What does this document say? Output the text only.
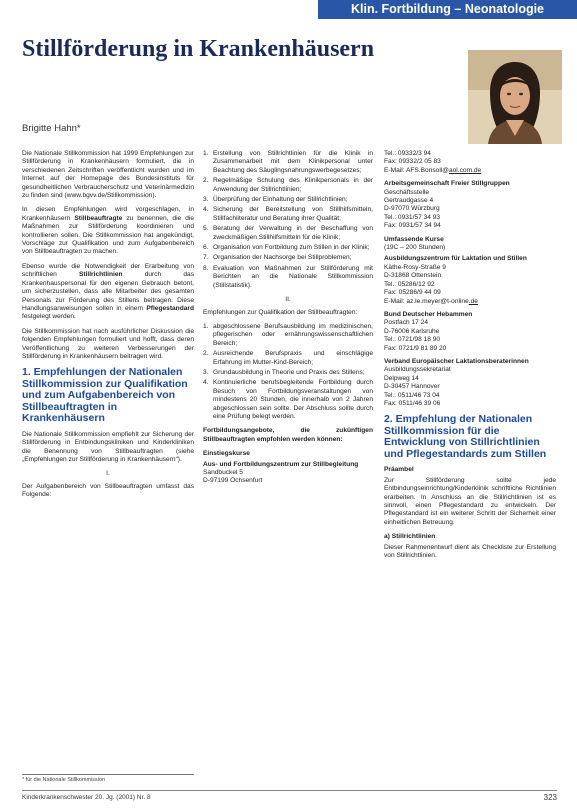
Klin. Fortbildung – Neonatologie
Stillförderung in Krankenhäusern
Brigitte Hahn*

Die Nationale Stillkommission hat 1999 Empfehlungen zur Stillförderung in Krankenhäusern formuliert, die in verschiedenen Zeitschriften veröffentlicht wurden und im Internet auf der Homepage des Bundesinstituts für gesundheitlichen Verbraucherschutz und Veterinärmedizin zu finden sind (www.bgvv.de/Stillkommission).

In diesen Empfehlungen wird vorgeschlagen, in Krankenhäusern Stillbeauftragte zu benennen, die die Maßnahmen zur Stillförderung koordinieren und kontrollieren sollen. Die Stillkommission hat angekündigt, Vorschläge zur Qualifikation und zum Aufgabenbereich von Stillbeauftragten zu machen.

Ebenso wurde die Notwendigkeit der Erarbeitung von schriftlichen Stillrichtlinien durch das Krankenhauspersonal für den eigenen Gebrauch betont, um sicherzustellen, dass alle Mitarbeiter des gesamten Personals zur Förderung des Stillens beitragen. Diese Handlungsanweisungen sollen in einem Pflegestandard festgelegt werden.

Die Stillkommission hat nach ausführlicher Diskussion die folgenden Empfehlungen formuliert und hofft, dass deren Veröffentlichung zu weiteren Verbesserungen der Stillförderung in Krankenhäusern beitragen wird.

1. Empfehlungen der Nationalen Stillkommission zur Qualifikation und zum Aufgabenbereich von Stillbeauftragten in Krankenhäusern

Die Nationale Stillkommission empfiehlt zur Sicherung der Stillförderung in Entbindungskliniken und Kinderkliniken die Benennung von Stillbeauftragten (siehe „Empfehlungen zur Stillförderung in Krankenhäusern“).

I.

Der Aufgabenbereich von Stillbeauftragten umfasst das Folgende:

1. Erstellung von Stillrichtlinien für die Klinik in Zusammenarbeit mit dem Klinikpersonal unter Beachtung des Säuglingsnahrungswerbegesetzes;
2. Regelmäßige Schulung des Klinikpersonals in der Anwendung der Stillrichtlinien;
3. Überprüfung der Einhaltung der Stillrichtlinien;
4. Sicherung der Bereitstellung von Stillhilfsmitteln, Stillfachliteratur und Beratung ihrer Qualität;
5. Beratung der Verwaltung in der Beschaffung von zweckmäßigen Stillhilfsmitteln für die Klinik;
6. Organisation von Fortbildung zum Stillen in der Klinik;
7. Organisation der Nachsorge bei Stillproblemen;
8. Evaluation von Maßnahmen zur Stillförderung mit Berichten an die Nationale Stillkommission (Stillstatistik).
II.

Empfehlungen zur Qualifikation der Stillbeauftragten:

1. abgeschlossene Berufsausbildung im medizinischen, pflegerischen oder ernährungswissenschaftlichen Bereich;
2. Ausreichende Berufspraxis und einschlägige Erfahrung im Mutter-Kind-Bereich;
3. Grundausbildung in Theorie und Praxis des Stillens;
4. Kontinuierliche berufsbegleitende Fortbildung durch Besuch von Fortbildungsveranstaltungen von mindestens 20 Stunden, die innerhalb von 2 Jahren abgeschlossen sein sollte. Der Abschluss sollte durch eine Prüfung belegt werden.

Fortbildungsangebote, die zukünftigen Stillbeauftragten empfohlen werden können:

Einstiegskurse
Aus- und Fortbildungszentrum zur Stillbegleitung
Sandbuckel 5
D-97199 Ochsenfurt
Tel.: 09332/3 94
Fax: 09332/2 05 83
E-Mail: AFS.Bonsoll@aol.com.de
Arbeitsgemeinschaft Freier Stillgruppen
Geschäftsstelle
Gertraudgasse 4
D-97070 Würzburg
Tel.: 0931/57 34 93
Fax: 0931/57 34 94
Umfassende Kurse
(19C – 200 Stunden)
Ausbildungszentrum für Laktation und Stillen
Käthe-Rosy-Straße 9
D-31868 Ottenstein
Tel.: 05286/12 92
Fax: 05286/9 44 09
E-Mail: az.le.meyer@t-online.de
Bund Deutscher Hebammen
Postfach 17 24
D-76006 Karlsruhe
Tel.: 0721/98 18 90
Fax: 0721/9 81 89 20
Verband Europäischer Laktationsberaterinnen
Ausbildungssekretariat
Delpweg 14
D-30457 Hannover
Tel.: 0511/46 73 04
Fax: 0511/46 39 06
2. Empfehlung der Nationalen Stillkommission für die Entwicklung von Stillrichtlinien und Pflegestandards zum Stillen
Präambel

Zur Stillförderung sollte jede Entbindungseinrichtung/Kinderklinik schriftliche Richtlinien erarbeiten. In Anschluss an die Stillrichtlinien ist es sinnvoll, einen Pflegestandard zu entwickeln. Der Pflegestandard ist ein weiterer Schritt der Sicherheit einer einheitlichen Betreuung.

a) Stillrichtlinien

Dieser Rahmenentwurf dient als Checkliste zur Erstellung von Stillrichtlinien.

* für die Nationale Stillkommission
Kinderkrankenschwester 20. Jg. (2001) Nr. 8	323
